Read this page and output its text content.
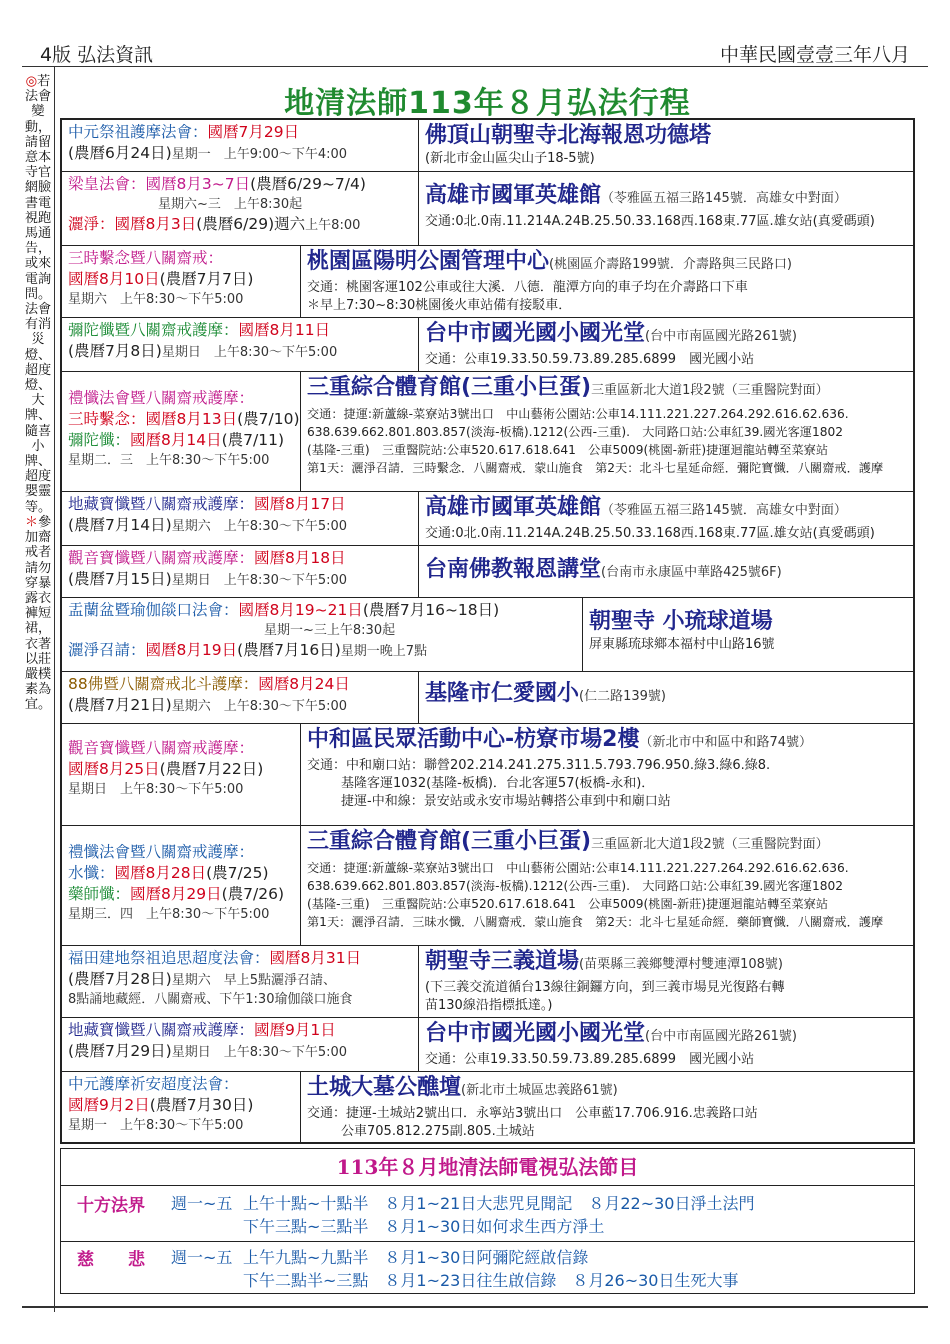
4版 弘法資訊	中華民國壹壹三年八月
◎若法會變動，請留意本寺官網臉書電視跑馬通告，或來電詢問。法會有消災燈、超度燈、大牌、隨喜小牌、超度嬰靈等。＊參加齋戒者請勿穿暴露衣褲短裙，衣著以莊嚴樸素為宜。
地清法師113年８月弘法行程
中元祭祖護摩法會：國曆7月29日
(農曆6月24日)星期一　上午9:00～下午4:00
佛頂山朝聖寺北海報恩功德塔
(新北市金山區尖山子18-5號)
梁皇法會：國曆8月3~7日(農曆6/29~7/4)
星期六~三　上午8:30起
灑淨：國曆8月3日(農曆6/29)週六上午8:00
高雄市國軍英雄館（苓雅區五福三路145號．高雄女中對面）
交通:0北.0南.11.214A.24B.25.50.33.168西.168東.77區.雄女站(真愛碼頭)
三時繫念暨八關齋戒：
國曆8月10日(農曆7月7日)
星期六　上午8:30～下午5:00
桃園區陽明公園管理中心(桃園區介壽路199號．介壽路與三民路口)
交通：桃園客運102公車或往大溪．八德．龍潭方向的車子均在介壽路口下車
＊早上7:30~8:30桃園後火車站備有接駁車．
彌陀懺暨八關齋戒護摩：國曆8月11日
(農曆7月8日)星期日　上午8:30～下午5:00
台中市國光國小國光堂(台中市南區國光路261號)
交通：公車19.33.50.59.73.89.285.6899　國光國小站
禮懺法會暨八關齋戒護摩：
三時繫念：國曆8月13日(農7/10)
彌陀懺：國曆8月14日(農7/11)
星期二．三　上午8:30～下午5:00
三重綜合體育館(三重小巨蛋)三重區新北大道1段2號（三重醫院對面）
交通：捷運:新蘆線-菜寮站3號出口　中山藝術公園站:公車14.111.221.227.264.292.616.62.636.
638.639.662.801.803.857(淡海-板橋).1212(公西-三重).　大同路口站:公車紅39.國光客運1802
(基隆-三重)　三重醫院站:公車520.617.618.641　公車5009(桃園-新莊)捷運迴龍站轉至菜寮站
第1天：灑淨召請．三時繫念．八關齋戒．蒙山施食　第2天：北斗七星延命經．彌陀寶懺．八關齋戒．護摩
地藏寶懺暨八關齋戒護摩：國曆8月17日
(農曆7月14日)星期六　上午8:30～下午5:00
高雄市國軍英雄館（苓雅區五福三路145號．高雄女中對面）
交通:0北.0南.11.214A.24B.25.50.33.168西.168東.77區.雄女站(真愛碼頭)
觀音寶懺暨八關齋戒護摩：國曆8月18日
(農曆7月15日)星期日　上午8:30～下午5:00	台南佛教報恩講堂(台南市永康區中華路425號6F)
盂蘭盆暨瑜伽燄口法會：國曆8月19~21日(農曆7月16~18日)
星期一~三上午8:30起
灑淨召請：國曆8月19日(農曆7月16日)星期一晚上7點
朝聖寺 小琉球道場
屏東縣琉球鄉本福村中山路16號
88佛暨八關齋戒北斗護摩：國曆8月24日
(農曆7月21日)星期六　上午8:30～下午5:00
基隆市仁愛國小(仁二路139號)
觀音寶懺暨八關齋戒護摩：
國曆8月25日(農曆7月22日)
星期日　上午8:30～下午5:00
中和區民眾活動中心-枋寮市場2樓（新北市中和區中和路74號）
交通：中和廟口站：聯營202.214.241.275.311.5.793.796.950.綠3.綠6.綠8.
基隆客運1032(基隆-板橋)．台北客運57(板橋-永和)．
捷運-中和線：景安站或永安市場站轉搭公車到中和廟口站
禮懺法會暨八關齋戒護摩：
水懺：國曆8月28日(農7/25)
藥師懺：國曆8月29日(農7/26)
星期三．四　上午8:30～下午5:00
三重綜合體育館(三重小巨蛋)三重區新北大道1段2號（三重醫院對面）
交通：捷運:新蘆線-菜寮站3號出口　中山藝術公園站:公車14.111.221.227.264.292.616.62.636.
638.639.662.801.803.857(淡海-板橋).1212(公西-三重).　大同路口站:公車紅39.國光客運1802
(基隆-三重)　三重醫院站:公車520.617.618.641　公車5009(桃園-新莊)捷運迴龍站轉至菜寮站
第1天：灑淨召請．三昧水懺．八關齋戒．蒙山施食　第2天：北斗七星延命經．藥師寶懺．八關齋戒．護摩
福田建地祭祖追思超度法會：國曆8月31日
(農曆7月28日)星期六　早上5點灑淨召請、
8點誦地藏經．八關齋戒、下午1:30瑜伽燄口施食
朝聖寺三義道場(苗栗縣三義鄉雙潭村雙連潭108號)
(下三義交流道循台13線往銅鑼方向，到三義市場見光復路右轉
苗130線沿指標抵達。)
地藏寶懺暨八關齋戒護摩：國曆9月1日
(農曆7月29日)星期日　上午8:30～下午5:00
台中市國光國小國光堂(台中市南區國光路261號)
交通：公車19.33.50.59.73.89.285.6899　國光國小站
中元護摩祈安超度法會：
國曆9月2日(農曆7月30日)
星期一　上午8:30～下午5:00
土城大墓公醮壇(新北市土城區忠義路61號)
交通：捷運-土城站2號出口．永寧站3號出口　公車藍17.706.916.忠義路口站
公車705.812.275副.805.土城站
113年８月地清法師電視弘法節目
十方法界 週一~五 上午十點~十點半　８月1~21日大悲咒見聞記　８月22~30日淨土法門
下午三點~三點半　８月1~30日如何求生西方淨土
慈　　悲 週一~五 上午九點~九點半　８月1~30日阿彌陀經啟信錄
下午二點半~三點　８月1~23日往生啟信錄　８月26~30日生死大事
